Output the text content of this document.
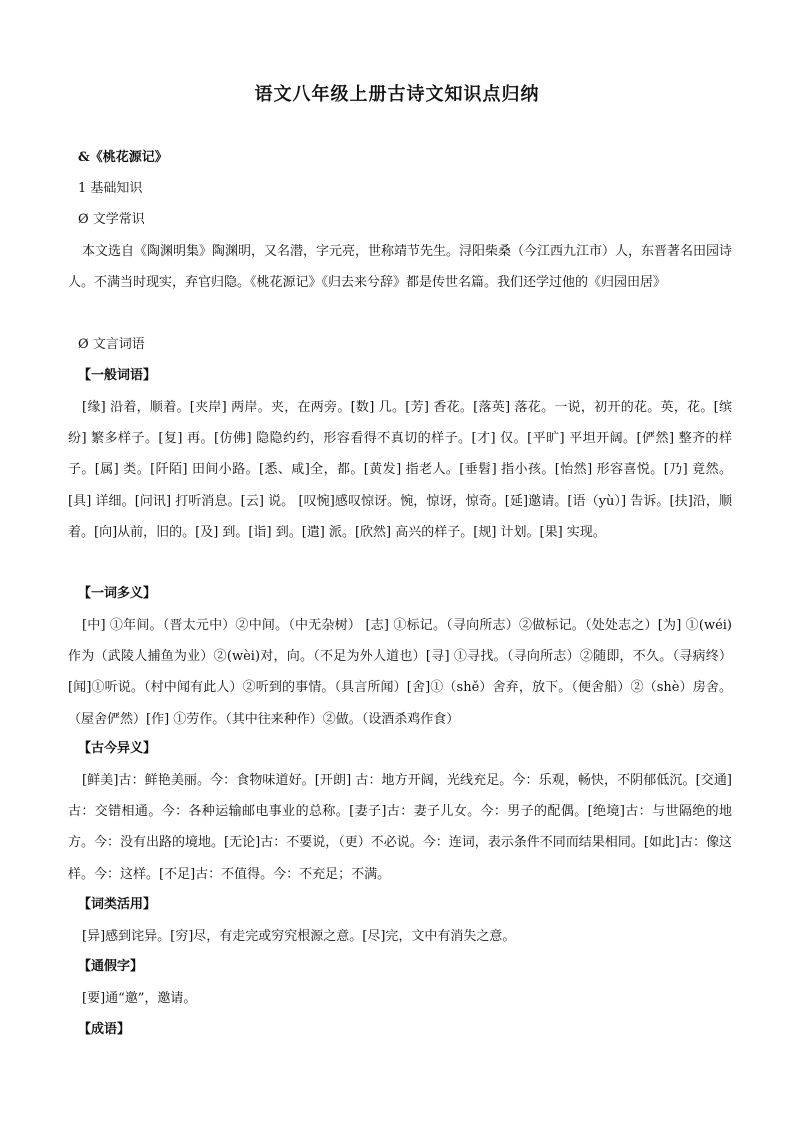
语文八年级上册古诗文知识点归纳
&《桃花源记》
1 基础知识
Ø 文学常识
本文选自《陶渊明集》陶渊明，又名潜，字元亮，世称靖节先生。浔阳柴桑（今江西九江市）人，东晋著名田园诗人。不满当时现实，弃官归隐。《桃花源记》《归去来兮辞》都是传世名篇。我们还学过他的《归园田居》
Ø 文言词语
【一般词语】
[缘] 沿着，顺着。[夹岸] 两岸。夹，在两旁。[数] 几。[芳] 香花。[落英] 落花。一说，初开的花。英，花。[缤纷] 繁多样子。[复] 再。[仿佛] 隐隐约约，形容看得不真切的样子。[才] 仅。[平旷] 平坦开阔。[俨然] 整齐的样子。[属] 类。[阡陌] 田间小路。[悉、咸]全，都。[黄发] 指老人。[垂髫] 指小孩。[怡然] 形容喜悦。[乃] 竟然。[具] 详细。[问讯] 打听消息。[云] 说。 [叹惋]感叹惊讶。惋，惊讶，惊奇。[延]邀请。[语（yù）] 告诉。[扶]沿，顺着。[向]从前，旧的。[及] 到。[诣] 到。[遣] 派。[欣然] 高兴的样子。[规] 计划。[果] 实现。
【一词多义】
[中] ①年间。（晋太元中）②中间。（中无杂树） [志] ①标记。（寻向所志）②做标记。（处处志之）[为] ①(wéi)作为（武陵人捕鱼为业）②(wèi)对，向。（不足为外人道也）[寻] ①寻找。（寻向所志）②随即，不久。（寻病终）[闻]①听说。（村中闻有此人）②听到的事情。（具言所闻）[舍]①（shě）舍弃，放下。（便舍船）②（shè）房舍。（屋舍俨然）[作] ①劳作。（其中往来种作）②做。（设酒杀鸡作食）
【古今异义】
[鲜美]古：鲜艳美丽。今：食物味道好。[开朗] 古：地方开阔，光线充足。今：乐观，畅快，不阴郁低沉。[交通]古：交错相通。今：各种运输邮电事业的总称。[妻子]古：妻子儿女。今：男子的配偶。[绝境]古：与世隔绝的地方。今：没有出路的境地。[无论]古：不要说，（更）不必说。今：连词，表示条件不同而结果相同。[如此]古：像这样。今：这样。[不足]古：不值得。今：不充足；不满。
【词类活用】
[异]感到诧异。[穷]尽，有走完或穷究根源之意。[尽]完，文中有消失之意。
【通假字】
[要]通“邀”，邀请。
【成语】
